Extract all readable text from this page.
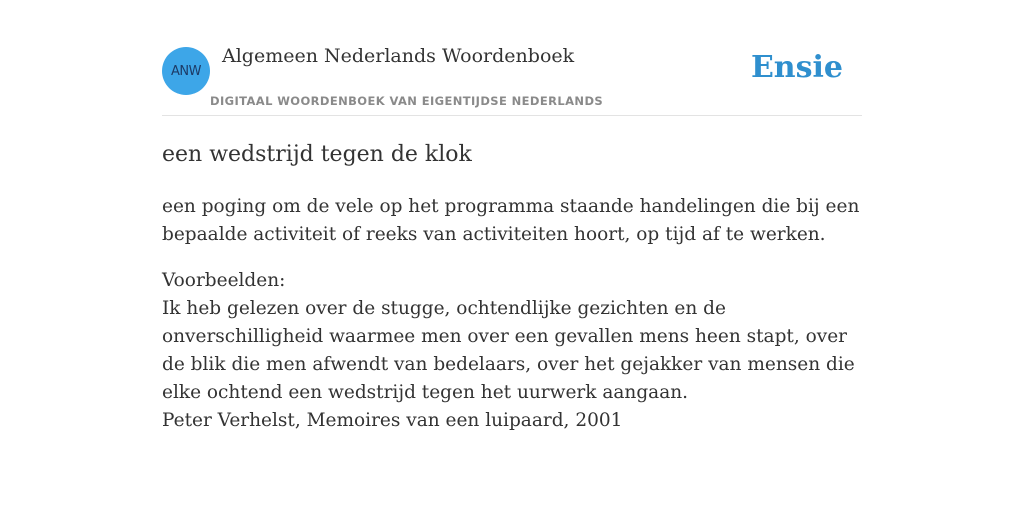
ANW
Algemeen Nederlands Woordenboek
DIGITAAL WOORDENBOEK VAN EIGENTIJDSE NEDERLANDS
Ensie
een wedstrijd tegen de klok

een poging om de vele op het programma staande handelingen die bij een bepaalde activiteit of reeks van activiteiten hoort, op tijd af te werken.

Voorbeelden:
Ik heb gelezen over de stugge, ochtendlijke gezichten en de onverschilligheid waarmee men over een gevallen mens heen stapt, over de blik die men afwendt van bedelaars, over het gejakker van mensen die elke ochtend een wedstrijd tegen het uurwerk aangaan.
Peter Verhelst, Memoires van een luipaard, 2001
